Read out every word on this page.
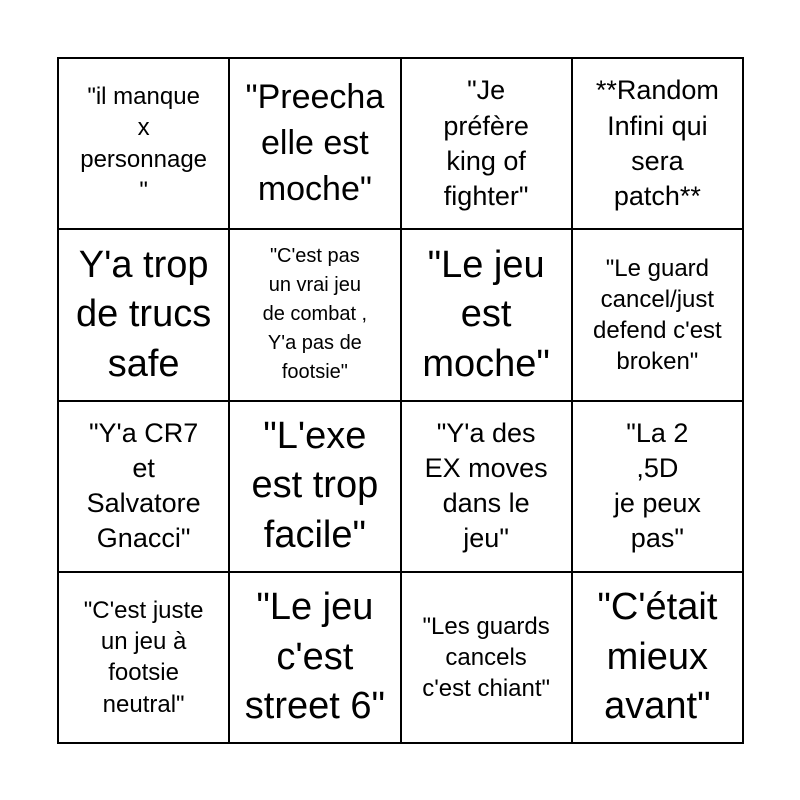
"il manque
x
personnage
"
"Preecha
elle est
moche"
"Je
préfère
king of
fighter"
**Random
Infini qui
sera
patch**
Y'a trop
de trucs
safe
"C'est pas
un vrai jeu
de combat ,
Y'a pas de
footsie"
"Le jeu
est
moche"
"Le guard
cancel/just
defend c'est
broken"
"Y'a CR7
et
Salvatore
Gnacci"
"L'exe
est trop
facile"
"Y'a des
EX moves
dans le
jeu"
"La 2
,5D
je peux
pas"
"C'est juste
un jeu à
footsie
neutral"
"Le jeu
c'est
street 6"
"Les guards
cancels
c'est chiant"
"C'était
mieux
avant"
